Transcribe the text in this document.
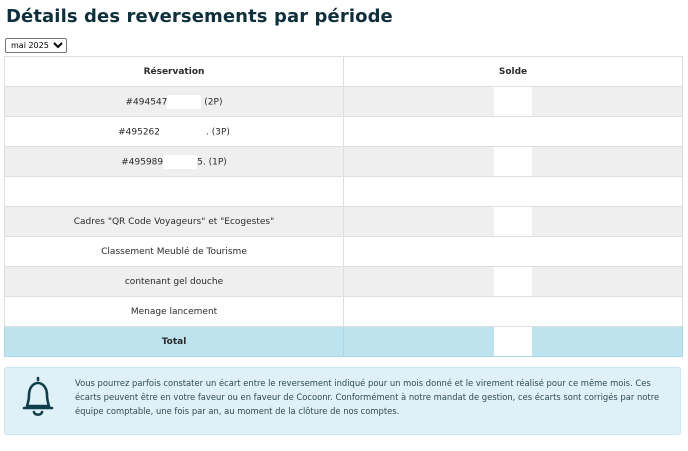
Détails des reversements par période
mai 2025
Réservation	Solde
#494547 (2P)	

#495262 . (3P)	

#495989 5. (1P)	

Cadres "QR Code Voyageurs" et "Ecogestes"	

Classement Meublé de Tourisme	

contenant gel douche	

Menage lancement	

Total	

Vous pourrez parfois constater un écart entre le reversement indiqué pour un mois donné et le virement réalisé pour ce même mois. Ces écarts peuvent être en votre faveur ou en faveur de Cocoonr. Conformément à notre mandat de gestion, ces écarts sont corrigés par notre équipe comptable, une fois par an, au moment de la clôture de nos comptes.
